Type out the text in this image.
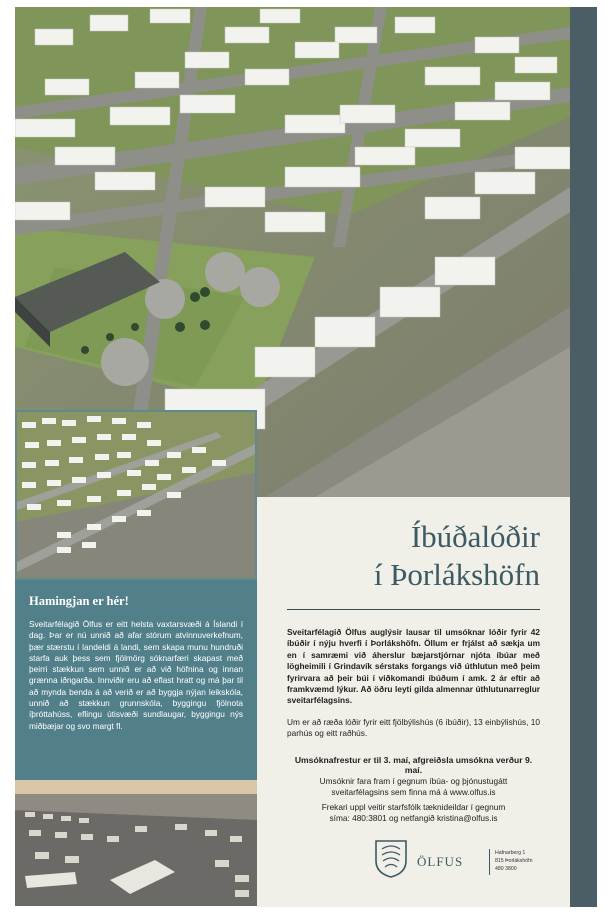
Hamingjan er hér!

Sveitarfélagið Ölfus er eitt helsta vaxtarsvæði á Íslandi í dag. Þar er nú unnið að afar stórum atvinnuverkefnum, þær stærstu í landeldi á landi, sem skapa munu hundruði starfa auk þess sem fjölmörg sóknarfæri skapast með þeirri stækkun sem unnið er að við höfnina og innan grænna iðngarða. Innviðir eru að eflast hratt og má þar til að mynda benda á að verið er að byggja nýjan leikskóla, unnið að stækkun grunnskóla, byggingu fjölnota íþróttahúss, eflingu útisvæði sundlaugar, byggingu nýs miðbæjar og svo margt fl.

Íbúðalóðir
í Þorlákshöfn
Sveitarfélagið Ölfus auglýsir lausar til umsóknar lóðir fyrir 42 íbúðir í nýju hverfi í Þorlákshöfn. Öllum er frjálst að sækja um en í samræmi við áherslur bæjarstjórnar njóta íbúar með lögheimili í Grindavík sérstaks forgangs við úthlutun með þeim fyrirvara að þeir búi í viðkomandi íbúðum í amk. 2 ár eftir að framkvæmd lýkur. Að öðru leyti gilda almennar úthlutunarreglur sveitarfélagsins.
Um er að ræða lóðir fyrir eitt fjölbýlishús (6 íbúðir), 13 einbýlishús, 10 parhús og eitt raðhús.
Umsóknafrestur er til 3. maí, afgreiðsla umsókna verður 9. maí.
Umsóknir fara fram í gegnum íbúa- og þjónustugátt
sveitarfélagsins sem finna má á www.olfus.is
Frekari uppl veitir starfsfólk tæknideildar í gegnum
síma: 480:3801 og netfangið kristina@olfus.is
ÖLFUS
Hafnarberg 1
815 Þorlákshöfn
480 3800
